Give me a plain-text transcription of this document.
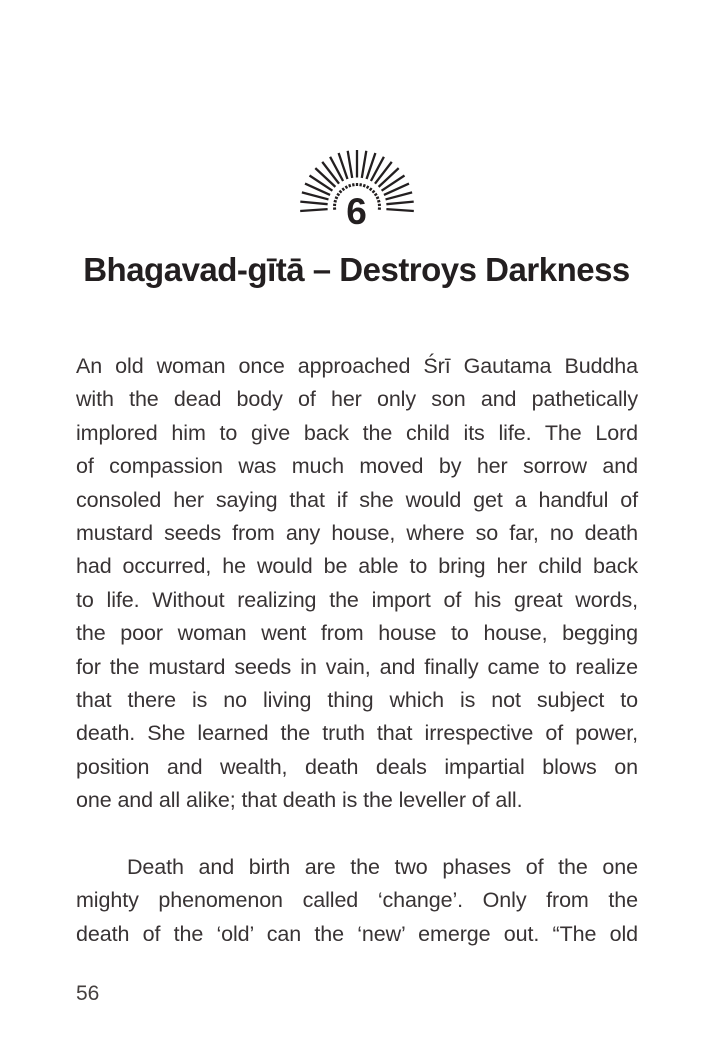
6
Bhagavad-gītā – Destroys Darkness
An old woman once approached Śrī Gautama Buddha
with the dead body of her only son and pathetically
implored him to give back the child its life. The Lord
of compassion was much moved by her sorrow and
consoled her saying that if she would get a handful of
mustard seeds from any house, where so far, no death
had occurred, he would be able to bring her child back
to life. Without realizing the import of his great words,
the poor woman went from house to house, begging
for the mustard seeds in vain, and finally came to realize
that there is no living thing which is not subject to
death. She learned the truth that irrespective of power,
position and wealth, death deals impartial blows on
one and all alike; that death is the leveller of all.
Death and birth are the two phases of the one
mighty phenomenon called ‘change’. Only from the
death of the ‘old’ can the ‘new’ emerge out. “The old
56
